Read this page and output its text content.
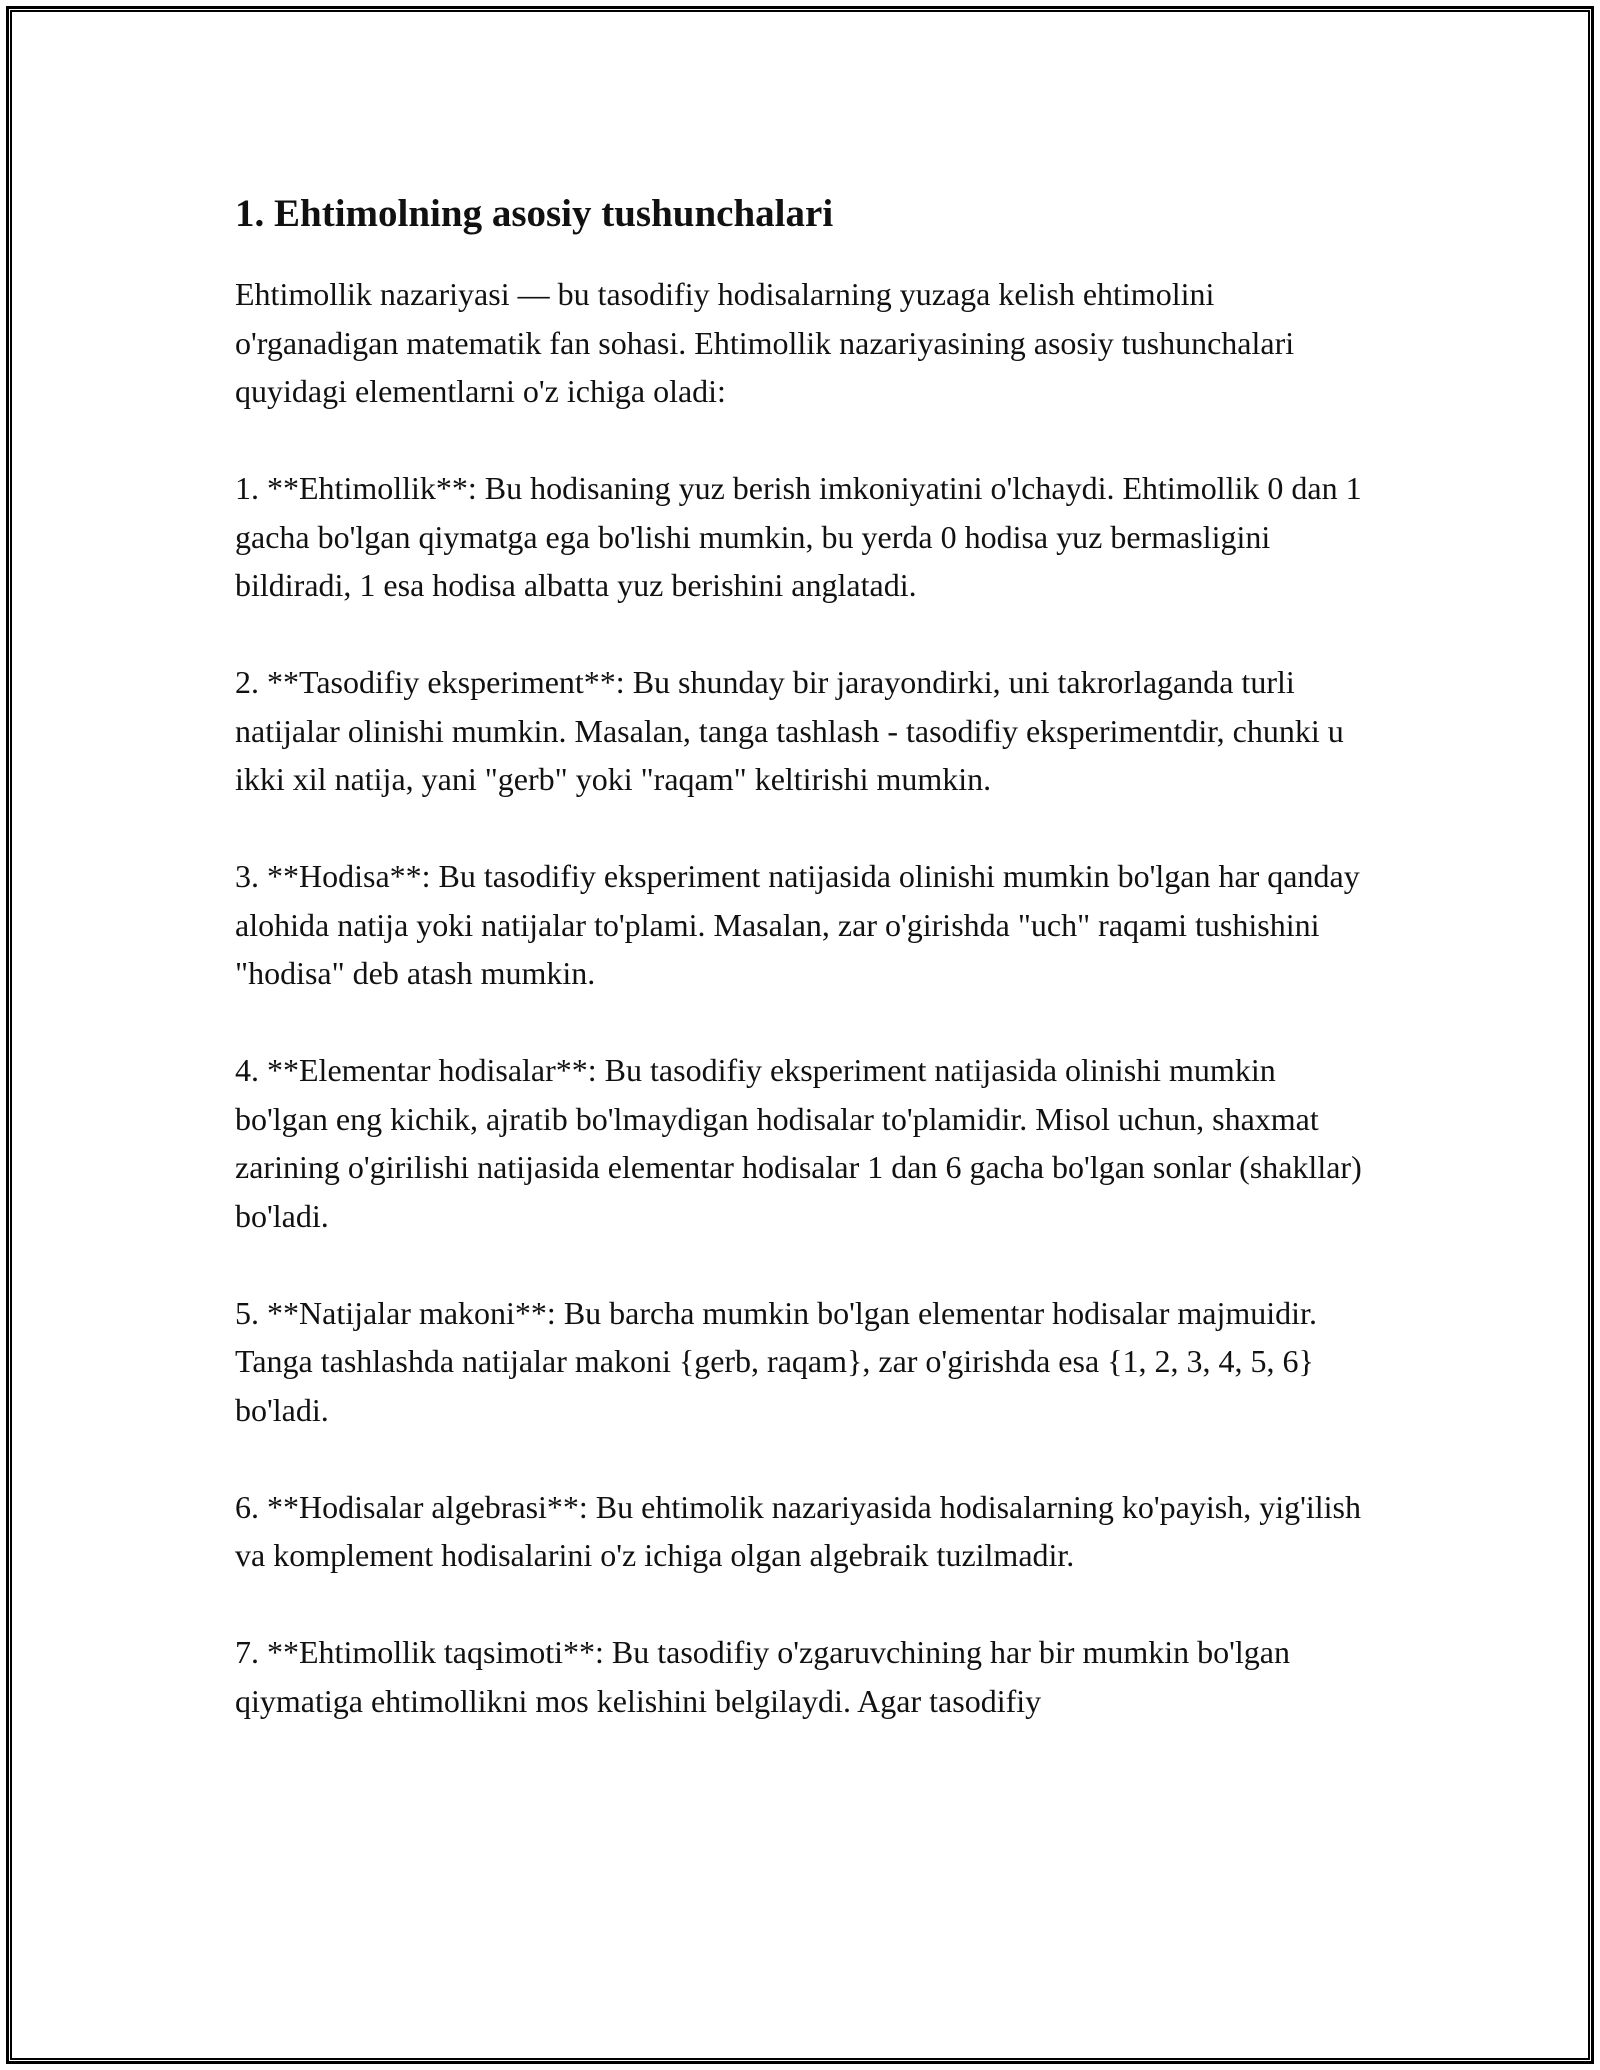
1. Ehtimolning asosiy tushunchalari

Ehtimollik nazariyasi — bu tasodifiy hodisalarning yuzaga kelish ehtimolini o'rganadigan matematik fan sohasi. Ehtimollik nazariyasining asosiy tushunchalari quyidagi elementlarni o'z ichiga oladi:

1. **Ehtimollik**: Bu hodisaning yuz berish imkoniyatini o'lchaydi. Ehtimollik 0 dan 1 gacha bo'lgan qiymatga ega bo'lishi mumkin, bu yerda 0 hodisa yuz bermasligini bildiradi, 1 esa hodisa albatta yuz berishini anglatadi.

2. **Tasodifiy eksperiment**: Bu shunday bir jarayondirki, uni takrorlaganda turli natijalar olinishi mumkin. Masalan, tanga tashlash - tasodifiy eksperimentdir, chunki u ikki xil natija, yani "gerb" yoki "raqam" keltirishi mumkin.

3. **Hodisa**: Bu tasodifiy eksperiment natijasida olinishi mumkin bo'lgan har qanday alohida natija yoki natijalar to'plami. Masalan, zar o'girishda "uch" raqami tushishini "hodisa" deb atash mumkin.

4. **Elementar hodisalar**: Bu tasodifiy eksperiment natijasida olinishi mumkin bo'lgan eng kichik, ajratib bo'lmaydigan hodisalar to'plamidir. Misol uchun, shaxmat zarining o'girilishi natijasida elementar hodisalar 1 dan 6 gacha bo'lgan sonlar (shakllar) bo'ladi.

5. **Natijalar makoni**: Bu barcha mumkin bo'lgan elementar hodisalar majmuidir. Tanga tashlashda natijalar makoni {gerb, raqam}, zar o'girishda esa {1, 2, 3, 4, 5, 6} bo'ladi.

6. **Hodisalar algebrasi**: Bu ehtimolik nazariyasida hodisalarning ko'payish, yig'ilish va komplement hodisalarini o'z ichiga olgan algebraik tuzilmadir.

7. **Ehtimollik taqsimoti**: Bu tasodifiy o'zgaruvchining har bir mumkin bo'lgan qiymatiga ehtimollikni mos kelishini belgilaydi. Agar tasodifiy
